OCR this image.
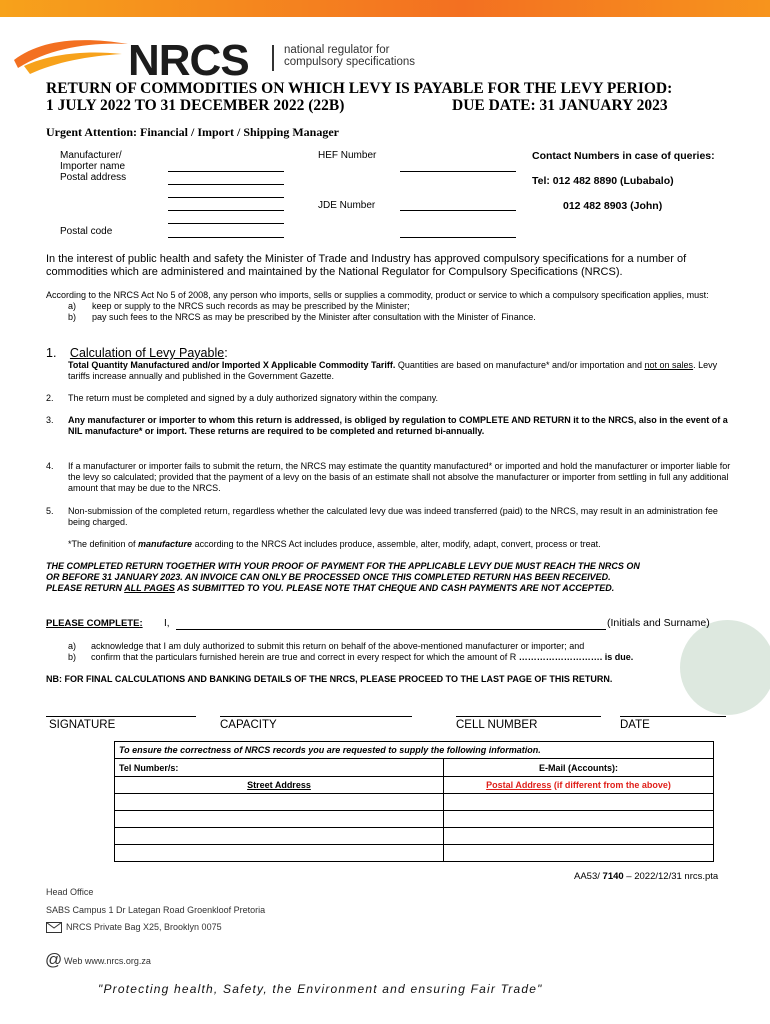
NRCS	national regulator for
compulsory specifications
RETURN OF COMMODITIES ON WHICH LEVY IS PAYABLE FOR THE LEVY PERIOD:
1 JULY 2022 TO 31 DECEMBER 2022 (22B)	DUE DATE: 31 JANUARY 2023
Urgent Attention: Financial / Import / Shipping Manager
Manufacturer/
Importer name
Postal address
Postal code
HEF Number
JDE Number
Contact Numbers in case of queries:
Tel: 012 482 8890 (Lubabalo)
012 482 8903 (John)
In the interest of public health and safety the Minister of Trade and Industry has approved compulsory specifications for a number of commodities which are administered and maintained by the National Regulator for Compulsory Specifications (NRCS).
According to the NRCS Act No 5 of 2008, any person who imports, sells or supplies a commodity, product or service to which a compulsory specification applies, must:
a) keep or supply to the NRCS such records as may be prescribed by the Minister;
b) pay such fees to the NRCS as may be prescribed by the Minister after consultation with the Minister of Finance.
1. Calculation of Levy Payable:
Total Quantity Manufactured and/or Imported X Applicable Commodity Tariff. Quantities are based on manufacture* and/or importation and not on sales. Levy tariffs increase annually and published in the Government Gazette.
2. The return must be completed and signed by a duly authorized signatory within the company.
3. Any manufacturer or importer to whom this return is addressed, is obliged by regulation to COMPLETE AND RETURN it to the NRCS, also in the event of a NIL manufacture* or import. These returns are required to be completed and returned bi-annually.
4. If a manufacturer or importer fails to submit the return, the NRCS may estimate the quantity manufactured* or imported and hold the manufacturer or importer liable for the levy so calculated; provided that the payment of a levy on the basis of an estimate shall not absolve the manufacturer or importer from settling in full any additional amount that may be due to the NRCS.
5. Non-submission of the completed return, regardless whether the calculated levy due was indeed transferred (paid) to the NRCS, may result in an administration fee being charged.
*The definition of manufacture according to the NRCS Act includes produce, assemble, alter, modify, adapt, convert, process or treat.
THE COMPLETED RETURN TOGETHER WITH YOUR PROOF OF PAYMENT FOR THE APPLICABLE LEVY DUE MUST REACH THE NRCS ON
OR BEFORE 31 JANUARY 2023. AN INVOICE CAN ONLY BE PROCESSED ONCE THIS COMPLETED RETURN HAS BEEN RECEIVED.
PLEASE RETURN ALL PAGES AS SUBMITTED TO YOU. PLEASE NOTE THAT CHEQUE AND CASH PAYMENTS ARE NOT ACCEPTED.
PLEASE COMPLETE: I,	(Initials and Surname)
a) acknowledge that I am duly authorized to submit this return on behalf of the above-mentioned manufacturer or importer; and
b) confirm that the particulars furnished herein are true and correct in every respect for which the amount of R ………………………. is due.
NB: FOR FINAL CALCULATIONS AND BANKING DETAILS OF THE NRCS, PLEASE PROCEED TO THE LAST PAGE OF THIS RETURN.
SIGNATURE	CAPACITY	CELL NUMBER	DATE
To ensure the correctness of NRCS records you are requested to supply the following information.	
Tel Number/s:	E-Mail (Accounts):
Street Address	Postal Address (if different from the above)

AA53/ 7140 – 2022/12/31 nrcs.pta
Head Office
SABS Campus 1 Dr Lategan Road Groenkloof Pretoria
NRCS Private Bag X25, Brooklyn 0075
@ Web www.nrcs.org.za
"Protecting health, Safety, the Environment and ensuring Fair Trade"
